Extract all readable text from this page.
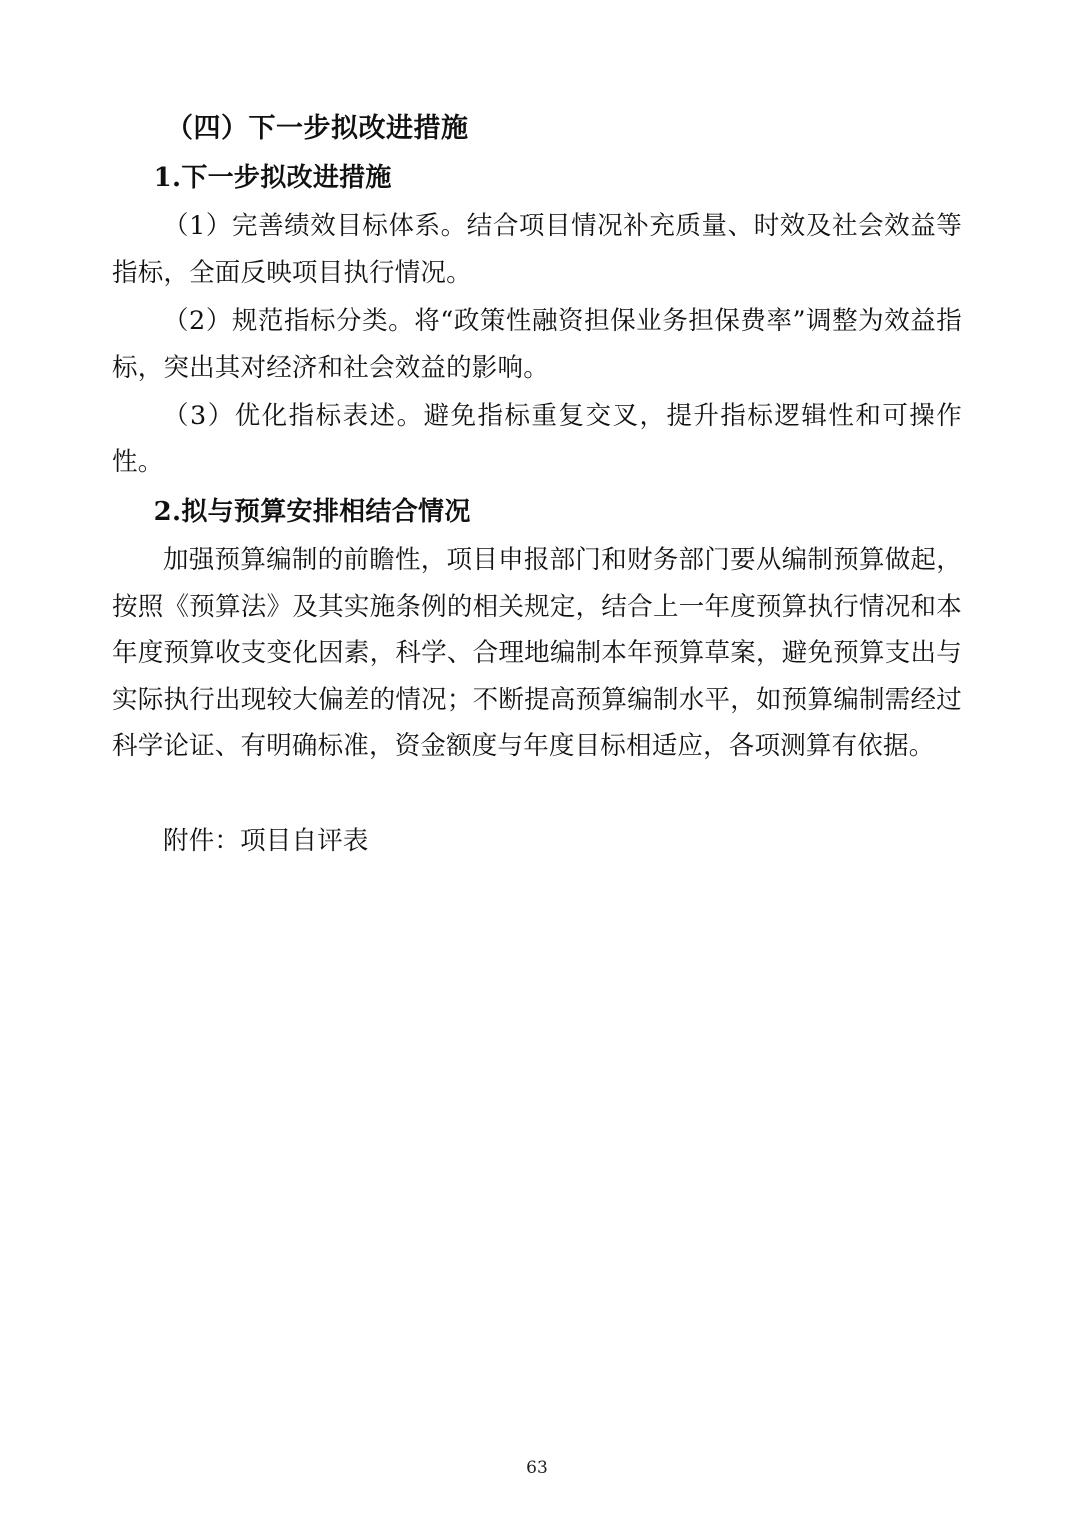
（四）下一步拟改进措施
1.下一步拟改进措施

（1）完善绩效目标体系。结合项目情况补充质量、时效及社会效益等指标，全面反映项目执行情况。

（2）规范指标分类。将“政策性融资担保业务担保费率”调整为效益指标，突出其对经济和社会效益的影响。

（3）优化指标表述。避免指标重复交叉，提升指标逻辑性和可操作性。

2.拟与预算安排相结合情况

加强预算编制的前瞻性，项目申报部门和财务部门要从编制预算做起，按照《预算法》及其实施条例的相关规定，结合上一年度预算执行情况和本年度预算收支变化因素，科学、合理地编制本年预算草案，避免预算支出与实际执行出现较大偏差的情况；不断提高预算编制水平，如预算编制需经过科学论证、有明确标准，资金额度与年度目标相适应，各项测算有依据。

附件：项目自评表

63
